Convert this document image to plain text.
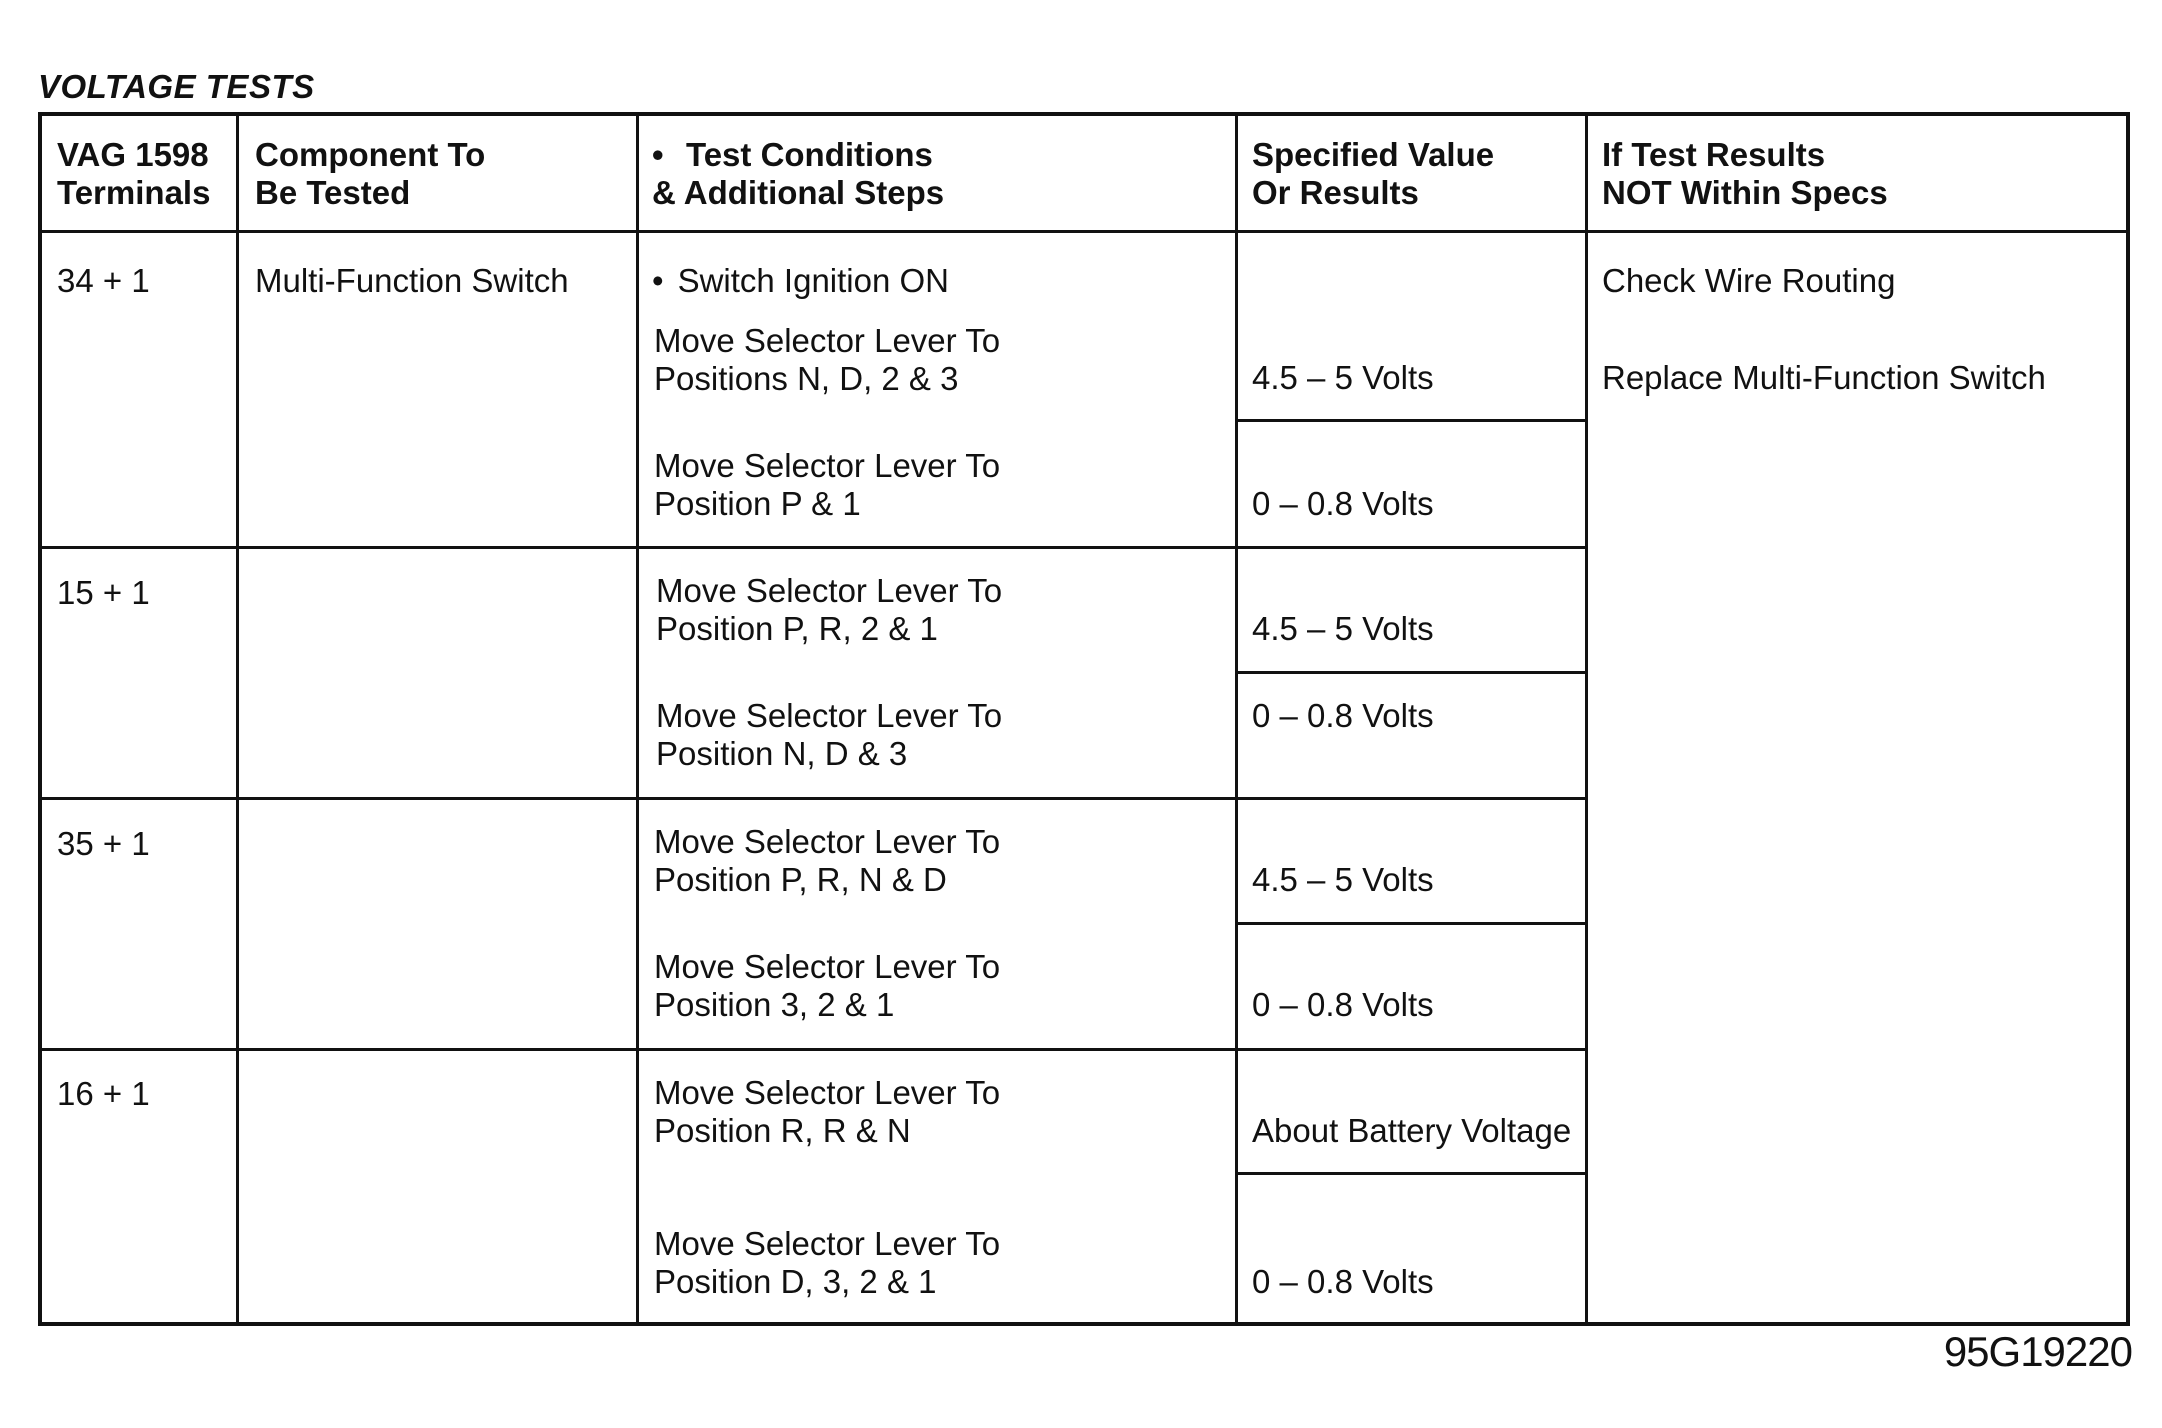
VOLTAGE TESTS
VAG 1598
Terminals
Component To
Be Tested
• Test Conditions
& Additional Steps
Specified Value
Or Results
If Test Results
NOT Within Specs
34 + 1	Multi-Function Switch
•	Switch Ignition ON
Move Selector Lever To
Positions N, D, 2 & 3	4.5 – 5 Volts
Move Selector Lever To
Position P & 1	0 – 0.8 Volts
15 + 1	Move Selector Lever To
Position P, R, 2 & 1	4.5 – 5 Volts
Move Selector Lever To
Position N, D & 3
0 – 0.8 Volts
35 + 1	Move Selector Lever To
Position P, R, N & D	4.5 – 5 Volts
Move Selector Lever To
Position 3, 2 & 1	0 – 0.8 Volts
16 + 1	Move Selector Lever To
Position R, R & N	About Battery Voltage
Move Selector Lever To
Position D, 3, 2 & 1	0 – 0.8 Volts
Check Wire Routing
Replace Multi-Function Switch
95G19220
